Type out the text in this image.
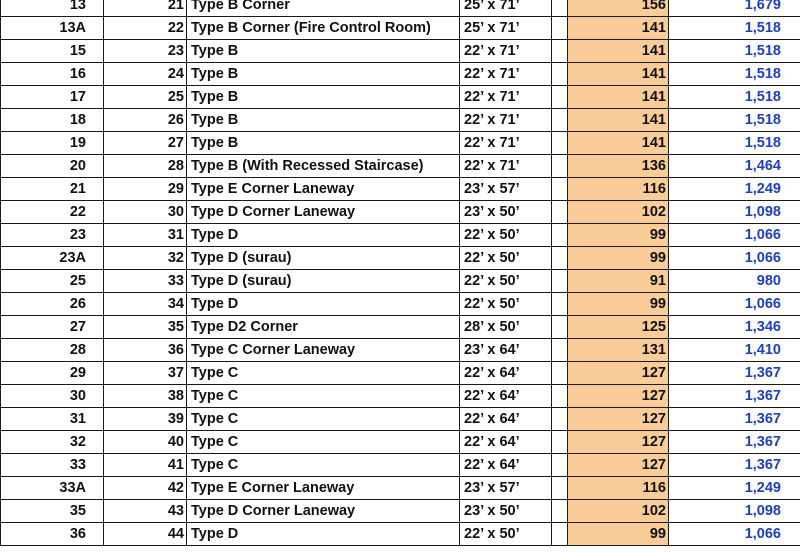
13	21	Type B Corner	25’ x 71’		156	1,679	
13A	22	Type B Corner (Fire Control Room)	25’ x 71’		141	1,518	
15	23	Type B	22’ x 71’		141	1,518	
16	24	Type B	22’ x 71’		141	1,518	
17	25	Type B	22’ x 71’		141	1,518	
18	26	Type B	22’ x 71’		141	1,518	
19	27	Type B	22’ x 71’		141	1,518	
20	28	Type B (With Recessed Staircase)	22’ x 71’		136	1,464	
21	29	Type E Corner Laneway	23’ x 57’		116	1,249	
22	30	Type D Corner Laneway	23’ x 50’		102	1,098	
23	31	Type D	22’ x 50’		99	1,066	
23A	32	Type D (surau)	22’ x 50’		99	1,066	
25	33	Type D (surau)	22’ x 50’		91	980	
26	34	Type D	22’ x 50’		99	1,066	
27	35	Type D2 Corner	28’ x 50’		125	1,346	
28	36	Type C Corner Laneway	23’ x 64’		131	1,410	
29	37	Type C	22’ x 64’		127	1,367	
30	38	Type C	22’ x 64’		127	1,367	
31	39	Type C	22’ x 64’		127	1,367	
32	40	Type C	22’ x 64’		127	1,367	
33	41	Type C	22’ x 64’		127	1,367	
33A	42	Type E Corner Laneway	23’ x 57’		116	1,249	
35	43	Type D Corner Laneway	23’ x 50’		102	1,098	
36	44	Type D	22’ x 50’		99	1,066	
